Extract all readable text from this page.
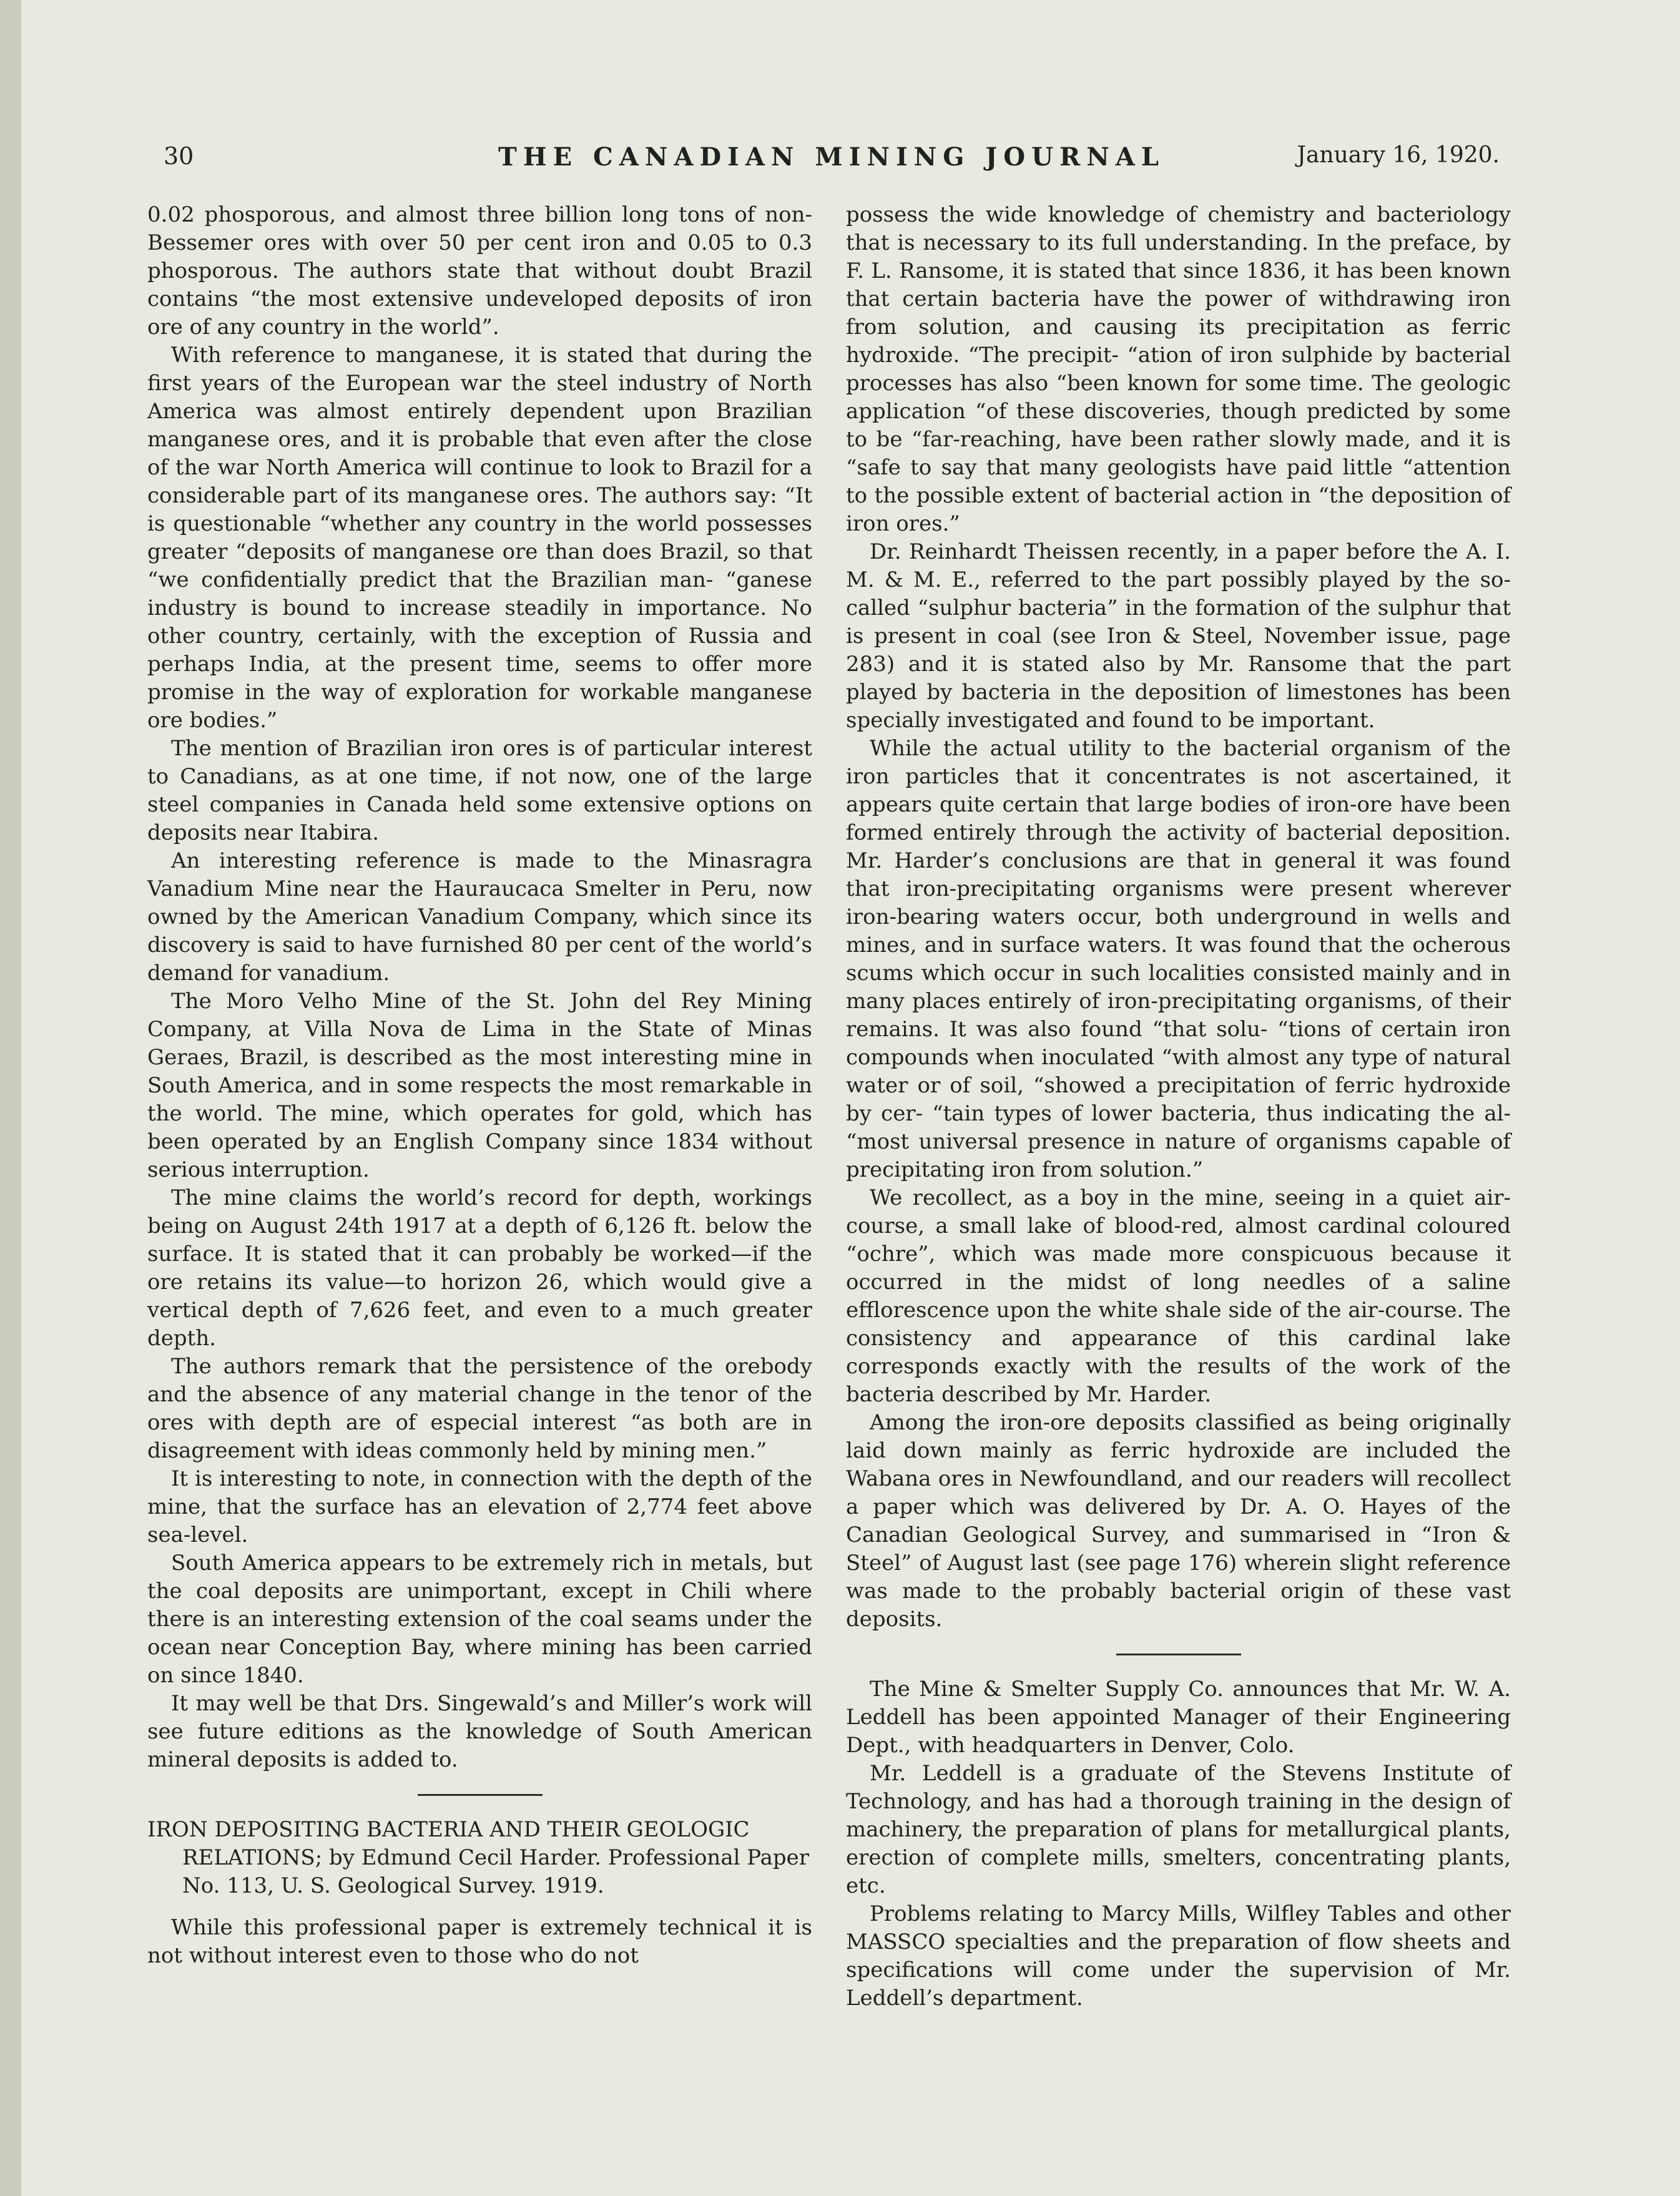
30	THE CANADIAN MINING JOURNAL	January 16, 1920.

0.02 phosporous, and almost three billion long tons of non-Bessemer ores with over 50 per cent iron and 0.05 to 0.3 phosporous. The authors state that without doubt Brazil contains “the most extensive undeveloped deposits of iron ore of any country in the world”.

With reference to manganese, it is stated that during the first years of the European war the steel industry of North America was almost entirely dependent upon Brazilian manganese ores, and it is probable that even after the close of the war North America will continue to look to Brazil for a considerable part of its manganese ores. The authors say: “It is questionable “whether any country in the world possesses greater “deposits of manganese ore than does Brazil, so that “we confidentially predict that the Brazilian man- “ganese industry is bound to increase steadily in importance. No other country, certainly, with the exception of Russia and perhaps India, at the present time, seems to offer more promise in the way of exploration for workable manganese ore bodies.”

The mention of Brazilian iron ores is of particular interest to Canadians, as at one time, if not now, one of the large steel companies in Canada held some extensive options on deposits near Itabira.

An interesting reference is made to the Minasragra Vanadium Mine near the Hauraucaca Smelter in Peru, now owned by the American Vanadium Company, which since its discovery is said to have furnished 80 per cent of the world’s demand for vanadium.

The Moro Velho Mine of the St. John del Rey Mining Company, at Villa Nova de Lima in the State of Minas Geraes, Brazil, is described as the most interesting mine in South America, and in some respects the most remarkable in the world. The mine, which operates for gold, which has been operated by an English Company since 1834 without serious interruption.

The mine claims the world’s record for depth, workings being on August 24th 1917 at a depth of 6,126 ft. below the surface. It is stated that it can probably be worked—if the ore retains its value—to horizon 26, which would give a vertical depth of 7,626 feet, and even to a much greater depth.

The authors remark that the persistence of the orebody and the absence of any material change in the tenor of the ores with depth are of especial interest “as both are in disagreement with ideas commonly held by mining men.”

It is interesting to note, in connection with the depth of the mine, that the surface has an elevation of 2,774 feet above sea-level.

South America appears to be extremely rich in metals, but the coal deposits are unimportant, except in Chili where there is an interesting extension of the coal seams under the ocean near Conception Bay, where mining has been carried on since 1840.

It may well be that Drs. Singewald’s and Miller’s work will see future editions as the knowledge of South American mineral deposits is added to.

IRON DEPOSITING BACTERIA AND THEIR GEOLOGIC RELATIONS; by Edmund Cecil Harder. Professional Paper No. 113, U. S. Geological Survey. 1919.

While this professional paper is extremely technical it is not without interest even to those who do not

possess the wide knowledge of chemistry and bacteriology that is necessary to its full understanding. In the preface, by F. L. Ransome, it is stated that since 1836, it has been known that certain bacteria have the power of withdrawing iron from solution, and causing its precipitation as ferric hydroxide. “The precipit- “ation of iron sulphide by bacterial processes has also “been known for some time. The geologic application “of these discoveries, though predicted by some to be “far-reaching, have been rather slowly made, and it is “safe to say that many geologists have paid little “attention to the possible extent of bacterial action in “the deposition of iron ores.”

Dr. Reinhardt Theissen recently, in a paper before the A. I. M. & M. E., referred to the part possibly played by the so-called “sulphur bacteria” in the formation of the sulphur that is present in coal (see Iron & Steel, November issue, page 283) and it is stated also by Mr. Ransome that the part played by bacteria in the deposition of limestones has been specially investigated and found to be important.

While the actual utility to the bacterial organism of the iron particles that it concentrates is not ascertained, it appears quite certain that large bodies of iron-ore have been formed entirely through the activity of bacterial deposition. Mr. Harder’s conclusions are that in general it was found that iron-precipitating organisms were present wherever iron-bearing waters occur, both underground in wells and mines, and in surface waters. It was found that the ocherous scums which occur in such localities consisted mainly and in many places entirely of iron-precipitating organisms, of their remains. It was also found “that solu- “tions of certain iron compounds when inoculated “with almost any type of natural water or of soil, “showed a precipitation of ferric hydroxide by cer- “tain types of lower bacteria, thus indicating the al- “most universal presence in nature of organisms capable of precipitating iron from solution.”

We recollect, as a boy in the mine, seeing in a quiet air-course, a small lake of blood-red, almost cardinal coloured “ochre”, which was made more conspicuous because it occurred in the midst of long needles of a saline efflorescence upon the white shale side of the air-course. The consistency and appearance of this cardinal lake corresponds exactly with the results of the work of the bacteria described by Mr. Harder.

Among the iron-ore deposits classified as being originally laid down mainly as ferric hydroxide are included the Wabana ores in Newfoundland, and our readers will recollect a paper which was delivered by Dr. A. O. Hayes of the Canadian Geological Survey, and summarised in “Iron & Steel” of August last (see page 176) wherein slight reference was made to the probably bacterial origin of these vast deposits.

The Mine & Smelter Supply Co. announces that Mr. W. A. Leddell has been appointed Manager of their Engineering Dept., with headquarters in Denver, Colo.

Mr. Leddell is a graduate of the Stevens Institute of Technology, and has had a thorough training in the design of machinery, the preparation of plans for metallurgical plants, erection of complete mills, smelters, concentrating plants, etc.

Problems relating to Marcy Mills, Wilfley Tables and other MASSCO specialties and the preparation of flow sheets and specifications will come under the supervision of Mr. Leddell’s department.
